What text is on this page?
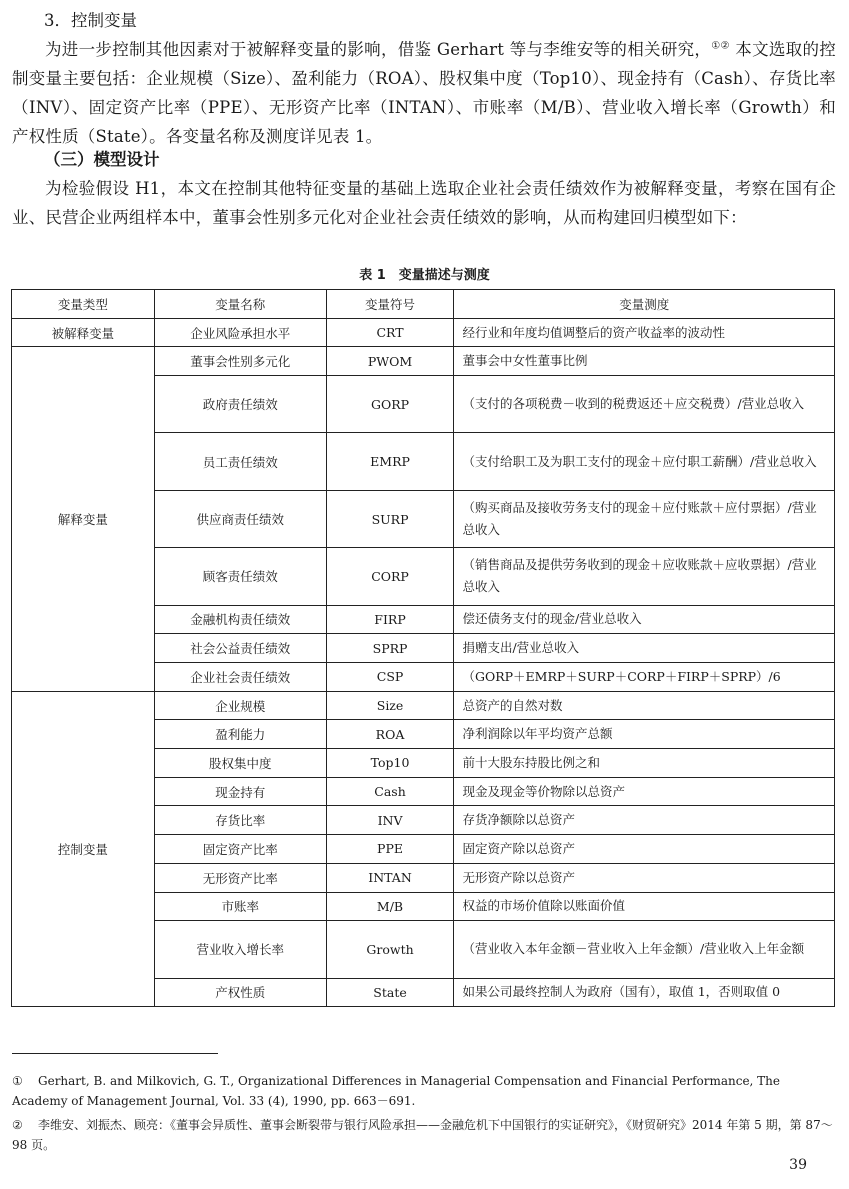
3．控制变量
为进一步控制其他因素对于被解释变量的影响，借鉴 Gerhart 等与李维安等的相关研究，①② 本文选取的控制变量主要包括：企业规模（Size）、盈利能力（ROA）、股权集中度（Top10）、现金持有（Cash）、存货比率（INV）、固定资产比率（PPE）、无形资产比率（INTAN）、市账率（M/B）、营业收入增长率（Growth）和产权性质（State）。各变量名称及测度详见表 1。
（三）模型设计
为检验假设 H1，本文在控制其他特征变量的基础上选取企业社会责任绩效作为被解释变量，考察在国有企业、民营企业两组样本中，董事会性别多元化对企业社会责任绩效的影响，从而构建回归模型如下：
表 1　变量描述与测度
变量类型	变量名称	变量符号	变量测度
被解释变量	企业风险承担水平	CRT	经行业和年度均值调整后的资产收益率的波动性
解释变量	董事会性别多元化	PWOM	董事会中女性董事比例
	政府责任绩效	GORP	（支付的各项税费－收到的税费返还＋应交税费）/营业总收入
	员工责任绩效	EMRP	（支付给职工及为职工支付的现金＋应付职工薪酬）/营业总收入
	供应商责任绩效	SURP	（购买商品及接收劳务支付的现金＋应付账款＋应付票据）/营业总收入
	顾客责任绩效	CORP	（销售商品及提供劳务收到的现金＋应收账款＋应收票据）/营业总收入
	金融机构责任绩效	FIRP	偿还债务支付的现金/营业总收入
	社会公益责任绩效	SPRP	捐赠支出/营业总收入
	企业社会责任绩效	CSP	（GORP＋EMRP＋SURP＋CORP＋FIRP＋SPRP）/6
控制变量	企业规模	Size	总资产的自然对数
	盈利能力	ROA	净利润除以年平均资产总额
	股权集中度	Top10	前十大股东持股比例之和
	现金持有	Cash	现金及现金等价物除以总资产
	存货比率	INV	存货净额除以总资产
	固定资产比率	PPE	固定资产除以总资产
	无形资产比率	INTAN	无形资产除以总资产
	市账率	M/B	权益的市场价值除以账面价值
	营业收入增长率	Growth	（营业收入本年金额－营业收入上年金额）/营业收入上年金额
	产权性质	State	如果公司最终控制人为政府（国有），取值 1，否则取值 0
① Gerhart, B. and Milkovich, G. T., Organizational Differences in Managerial Compensation and Financial Performance, The Academy of Management Journal, Vol. 33 (4), 1990, pp. 663－691.
② 李维安、刘振杰、顾亮：《董事会异质性、董事会断裂带与银行风险承担——金融危机下中国银行的实证研究》，《财贸研究》2014 年第 5 期，第 87～98 页。
39
